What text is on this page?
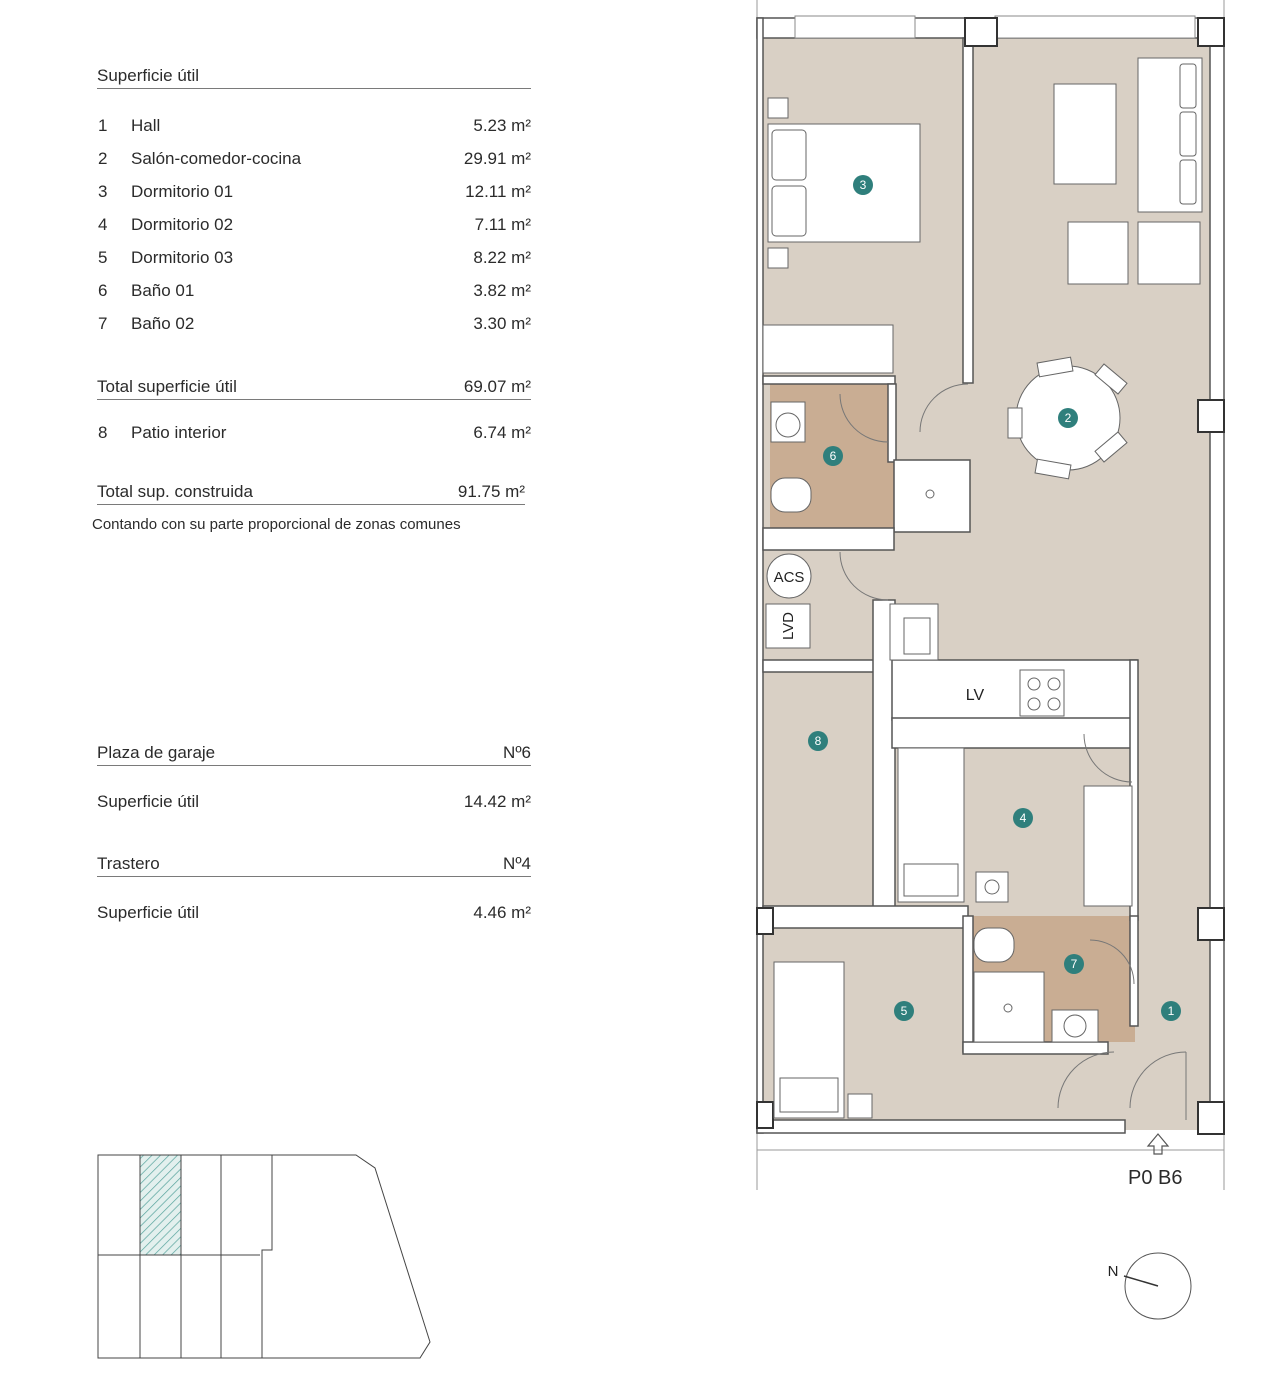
Superficie útil
1 Hall	5.23 m²
2 Salón-comedor-cocina	29.91 m²
3 Dormitorio 01	12.11 m²
4 Dormitorio 02	7.11 m²
5 Dormitorio 03	8.22 m²
6 Baño 01	3.82 m²
7 Baño 02	3.30 m²
Total superficie útil	69.07 m²
8 Patio interior	6.74 m²
Total sup. construida	91.75 m²
Contando con su parte proporcional de zonas comunes
Plaza de garaje	Nº6
Superficie útil	14.42 m²
Trastero	Nº4
Superficie útil	4.46 m²
ACS
LVD
LV
1
2
3
4
5
6
7
8
P0 B6
N
